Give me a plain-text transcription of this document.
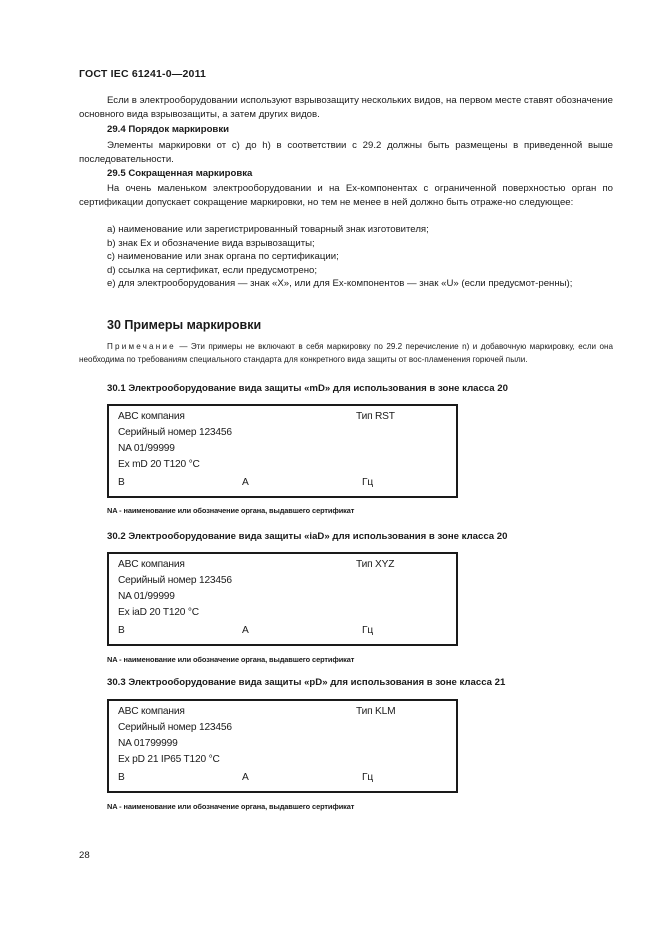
ГОСТ IEC 61241-0—2011
Если в электрооборудовании используют взрывозащиту нескольких видов, на первом месте ставят обозначение основного вида взрывозащиты, а затем других видов.
29.4 Порядок маркировки
Элементы маркировки от с) до h) в соответствии с 29.2 должны быть размещены в приведенной выше последовательности.
29.5 Сокращенная маркировка
На очень маленьком электрооборудовании и на Ex-компонентах с ограниченной поверхностью орган по сертификации допускает сокращение маркировки, но тем не менее в ней должно быть отраже-но следующее:
a) наименование или зарегистрированный товарный знак изготовителя;
b) знак Ex и обозначение вида взрывозащиты;
c) наименование или знак органа по сертификации;
d) ссылка на сертификат, если предусмотрено;
e) для электрооборудования — знак «X», или для Ex-компонентов — знак «U» (если предусмот-ренны);
30 Примеры маркировки
Примечание — Эти примеры не включают в себя маркировку по 29.2 перечисление n) и добавочную маркировку, если она необходима по требованиям специального стандарта для конкретного вида защиты от вос-пламенения горючей пыли.
30.1 Электрооборудование вида защиты «mD» для использования в зоне класса 20
ABC компания	Тип RST
Серийный номер 123456
NA 01/99999
Ex mD 20 T120 °C
B	A	Гц
NA - наименование или обозначение органа, выдавшего сертификат
30.2 Электрооборудование вида защиты «iaD» для использования в зоне класса 20
ABC компания	Тип XYZ
Серийный номер 123456
NA 01/99999
Ex iaD 20 T120 °C
B	A	Гц
NA - наименование или обозначение органа, выдавшего сертификат
30.3 Электрооборудование вида защиты «pD» для использования в зоне класса 21
ABC компания	Тип KLM
Серийный номер 123456
NA 01799999
Ex pD 21 IP65 T120 °C
B	A	Гц
NA - наименование или обозначение органа, выдавшего сертификат
28
